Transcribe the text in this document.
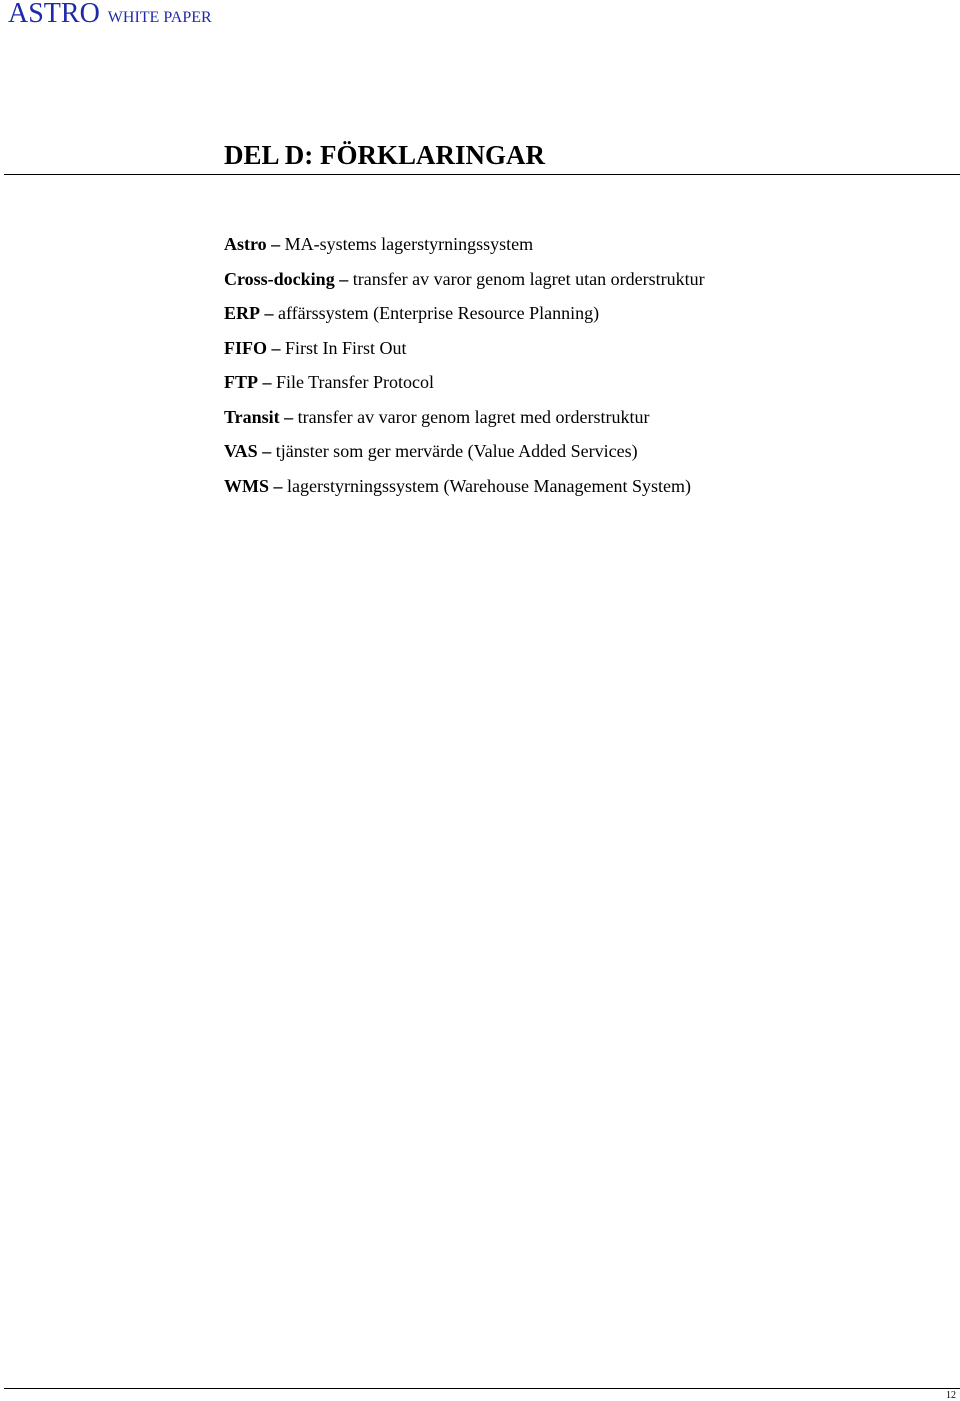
ASTRO WHITE PAPER
DEL D: FÖRKLARINGAR
Astro – MA-systems lagerstyrningssystem
Cross-docking – transfer av varor genom lagret utan orderstruktur
ERP – affärssystem (Enterprise Resource Planning)
FIFO – First In First Out
FTP – File Transfer Protocol
Transit – transfer av varor genom lagret med orderstruktur
VAS – tjänster som ger mervärde (Value Added Services)
WMS – lagerstyrningssystem (Warehouse Management System)
12
